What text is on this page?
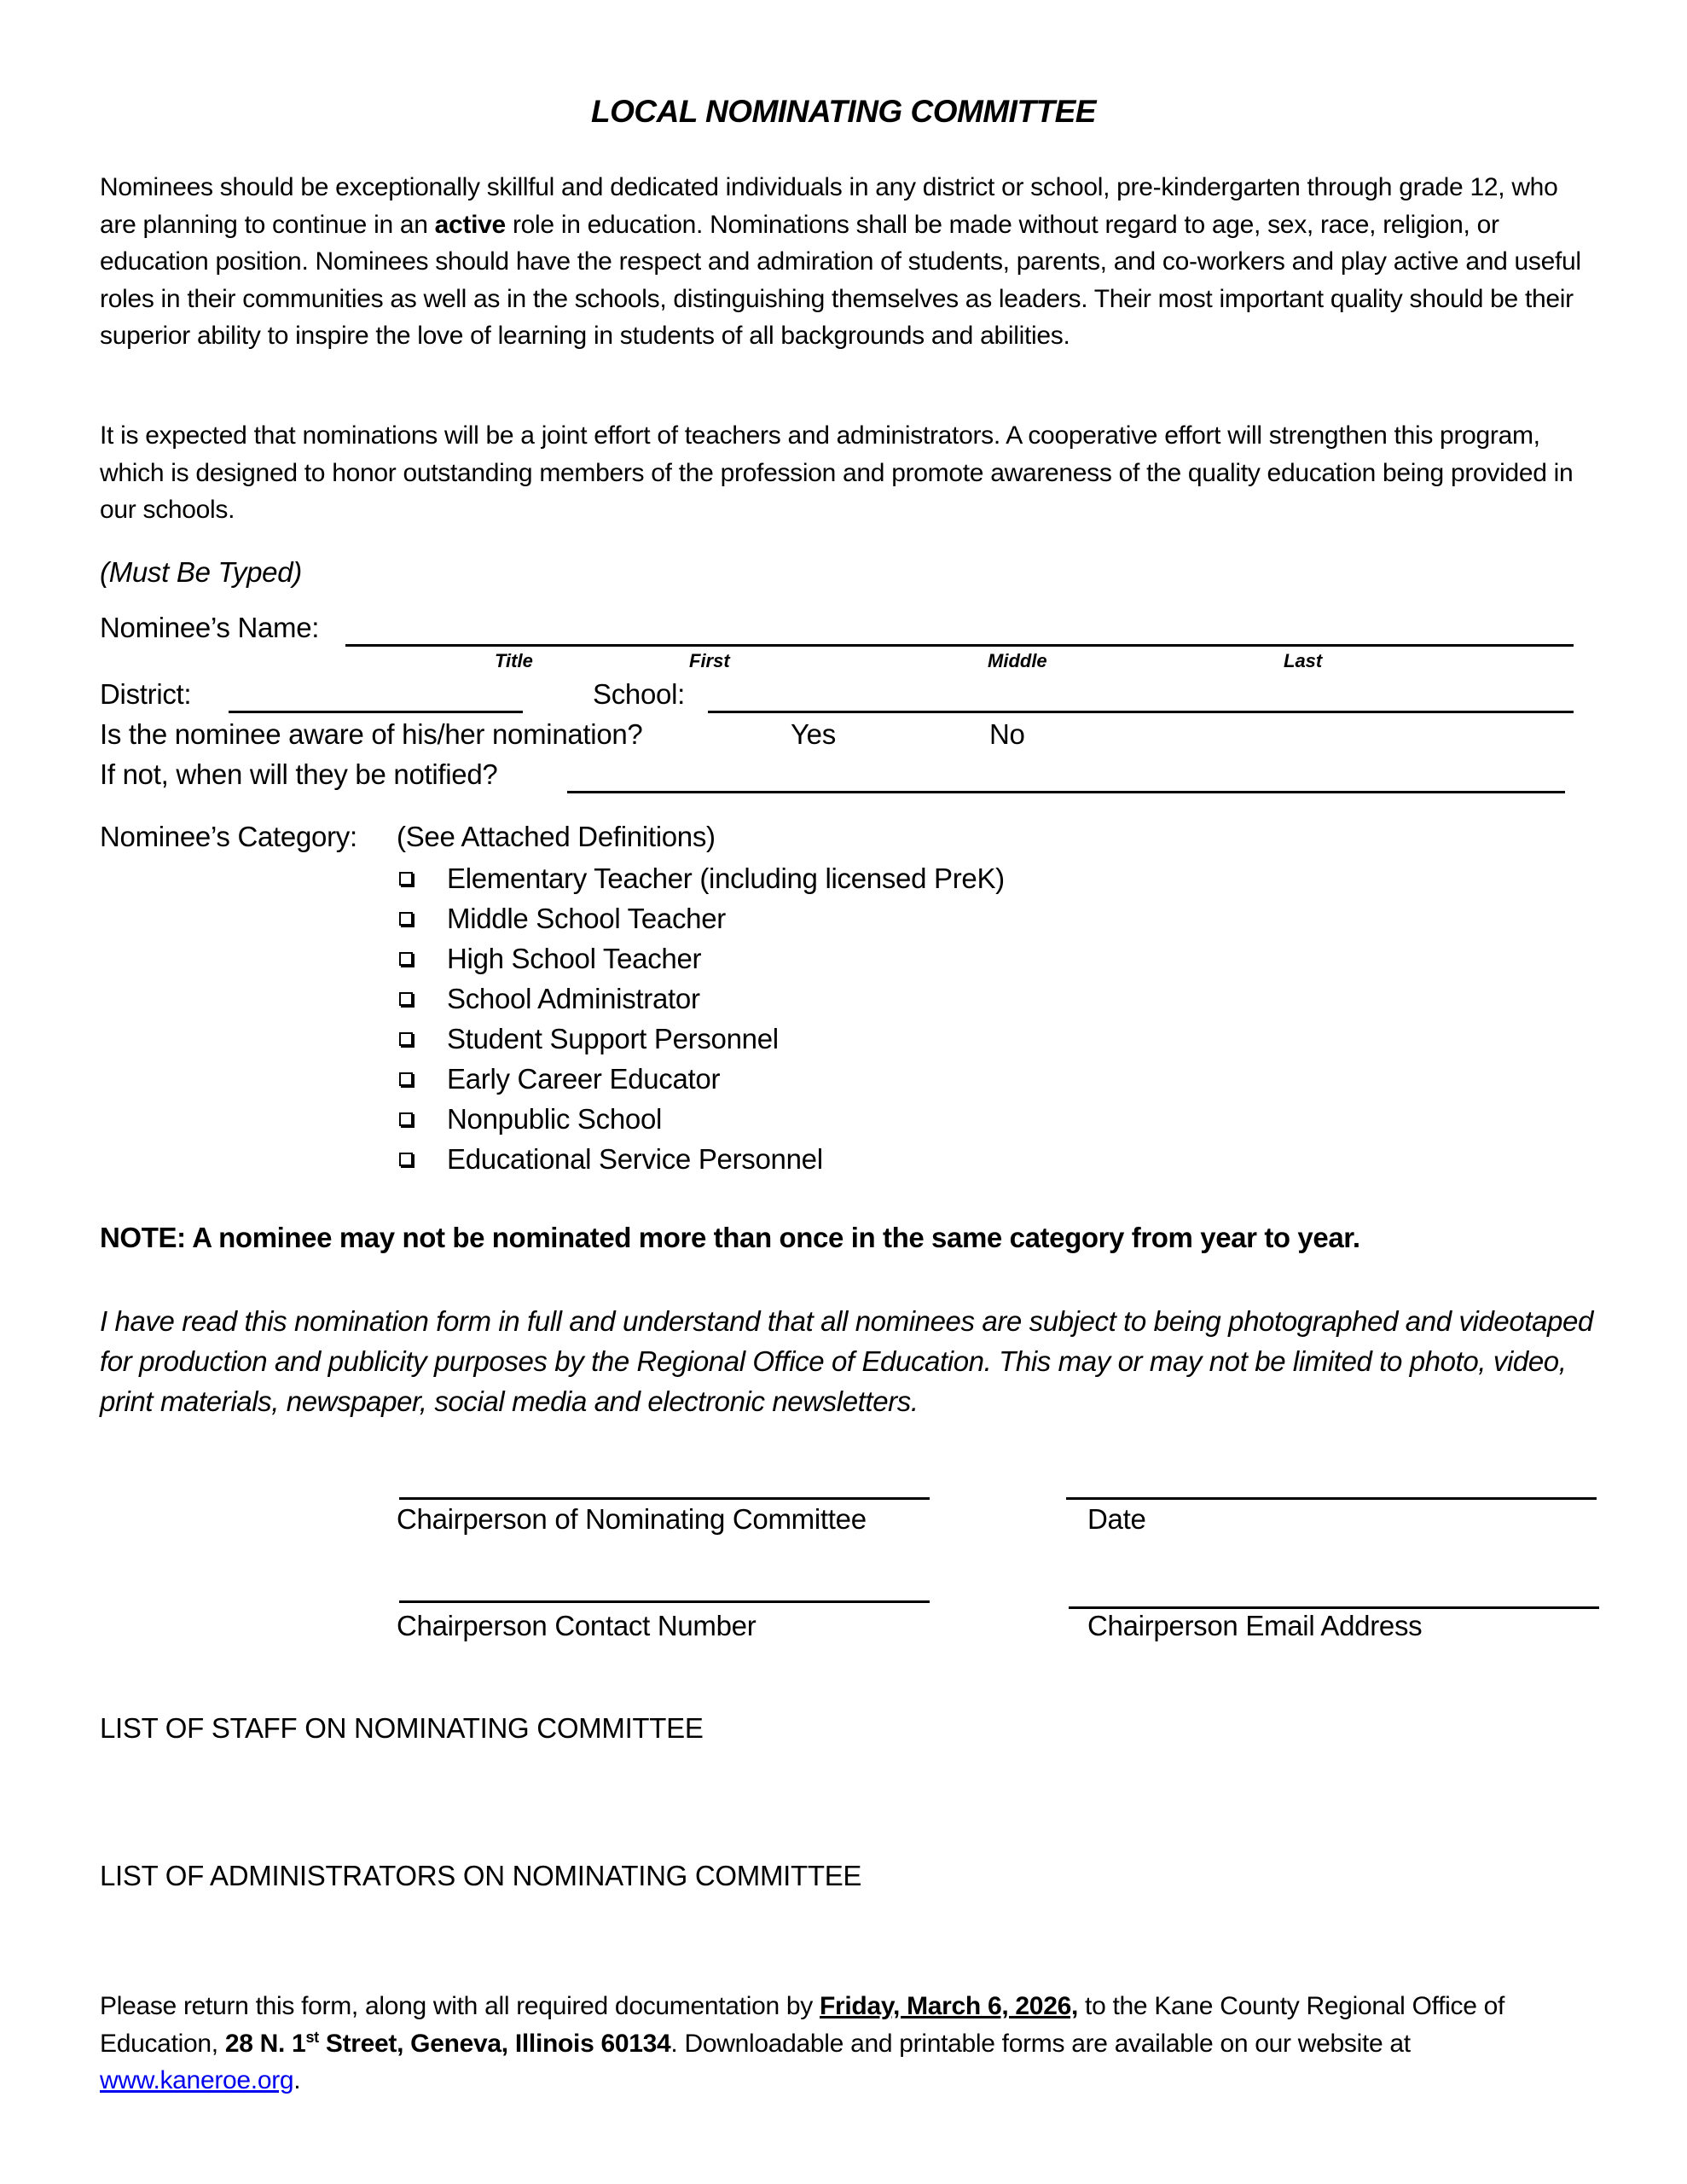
LOCAL NOMINATING COMMITTEE
Nominees should be exceptionally skillful and dedicated individuals in any district or school, pre-kindergarten through grade 12, who are planning to continue in an active role in education. Nominations shall be made without regard to age, sex, race, religion, or education position. Nominees should have the respect and admiration of students, parents, and co-workers and play active and useful roles in their communities as well as in the schools, distinguishing themselves as leaders. Their most important quality should be their superior ability to inspire the love of learning in students of all backgrounds and abilities.
It is expected that nominations will be a joint effort of teachers and administrators. A cooperative effort will strengthen this program, which is designed to honor outstanding members of the profession and promote awareness of the quality education being provided in our schools.
(Must Be Typed)
Nominee’s Name:
Title	First	Middle	Last
District:	School:
Is the nominee aware of his/her nomination?	Yes	No
If not, when will they be notified?
Nominee’s Category: (See Attached Definitions)
Elementary Teacher (including licensed PreK)
Middle School Teacher
High School Teacher
School Administrator
Student Support Personnel
Early Career Educator
Nonpublic School
Educational Service Personnel
NOTE: A nominee may not be nominated more than once in the same category from year to year.
I have read this nomination form in full and understand that all nominees are subject to being photographed and videotaped for production and publicity purposes by the Regional Office of Education. This may or may not be limited to photo, video, print materials, newspaper, social media and electronic newsletters.
Chairperson of Nominating Committee	Date
Chairperson Contact Number	Chairperson Email Address
LIST OF STAFF ON NOMINATING COMMITTEE
LIST OF ADMINISTRATORS ON NOMINATING COMMITTEE
Please return this form, along with all required documentation by Friday, March 6, 2026, to the Kane County Regional Office of Education, 28 N. 1st Street, Geneva, Illinois 60134. Downloadable and printable forms are available on our website at www.kaneroe.org.
